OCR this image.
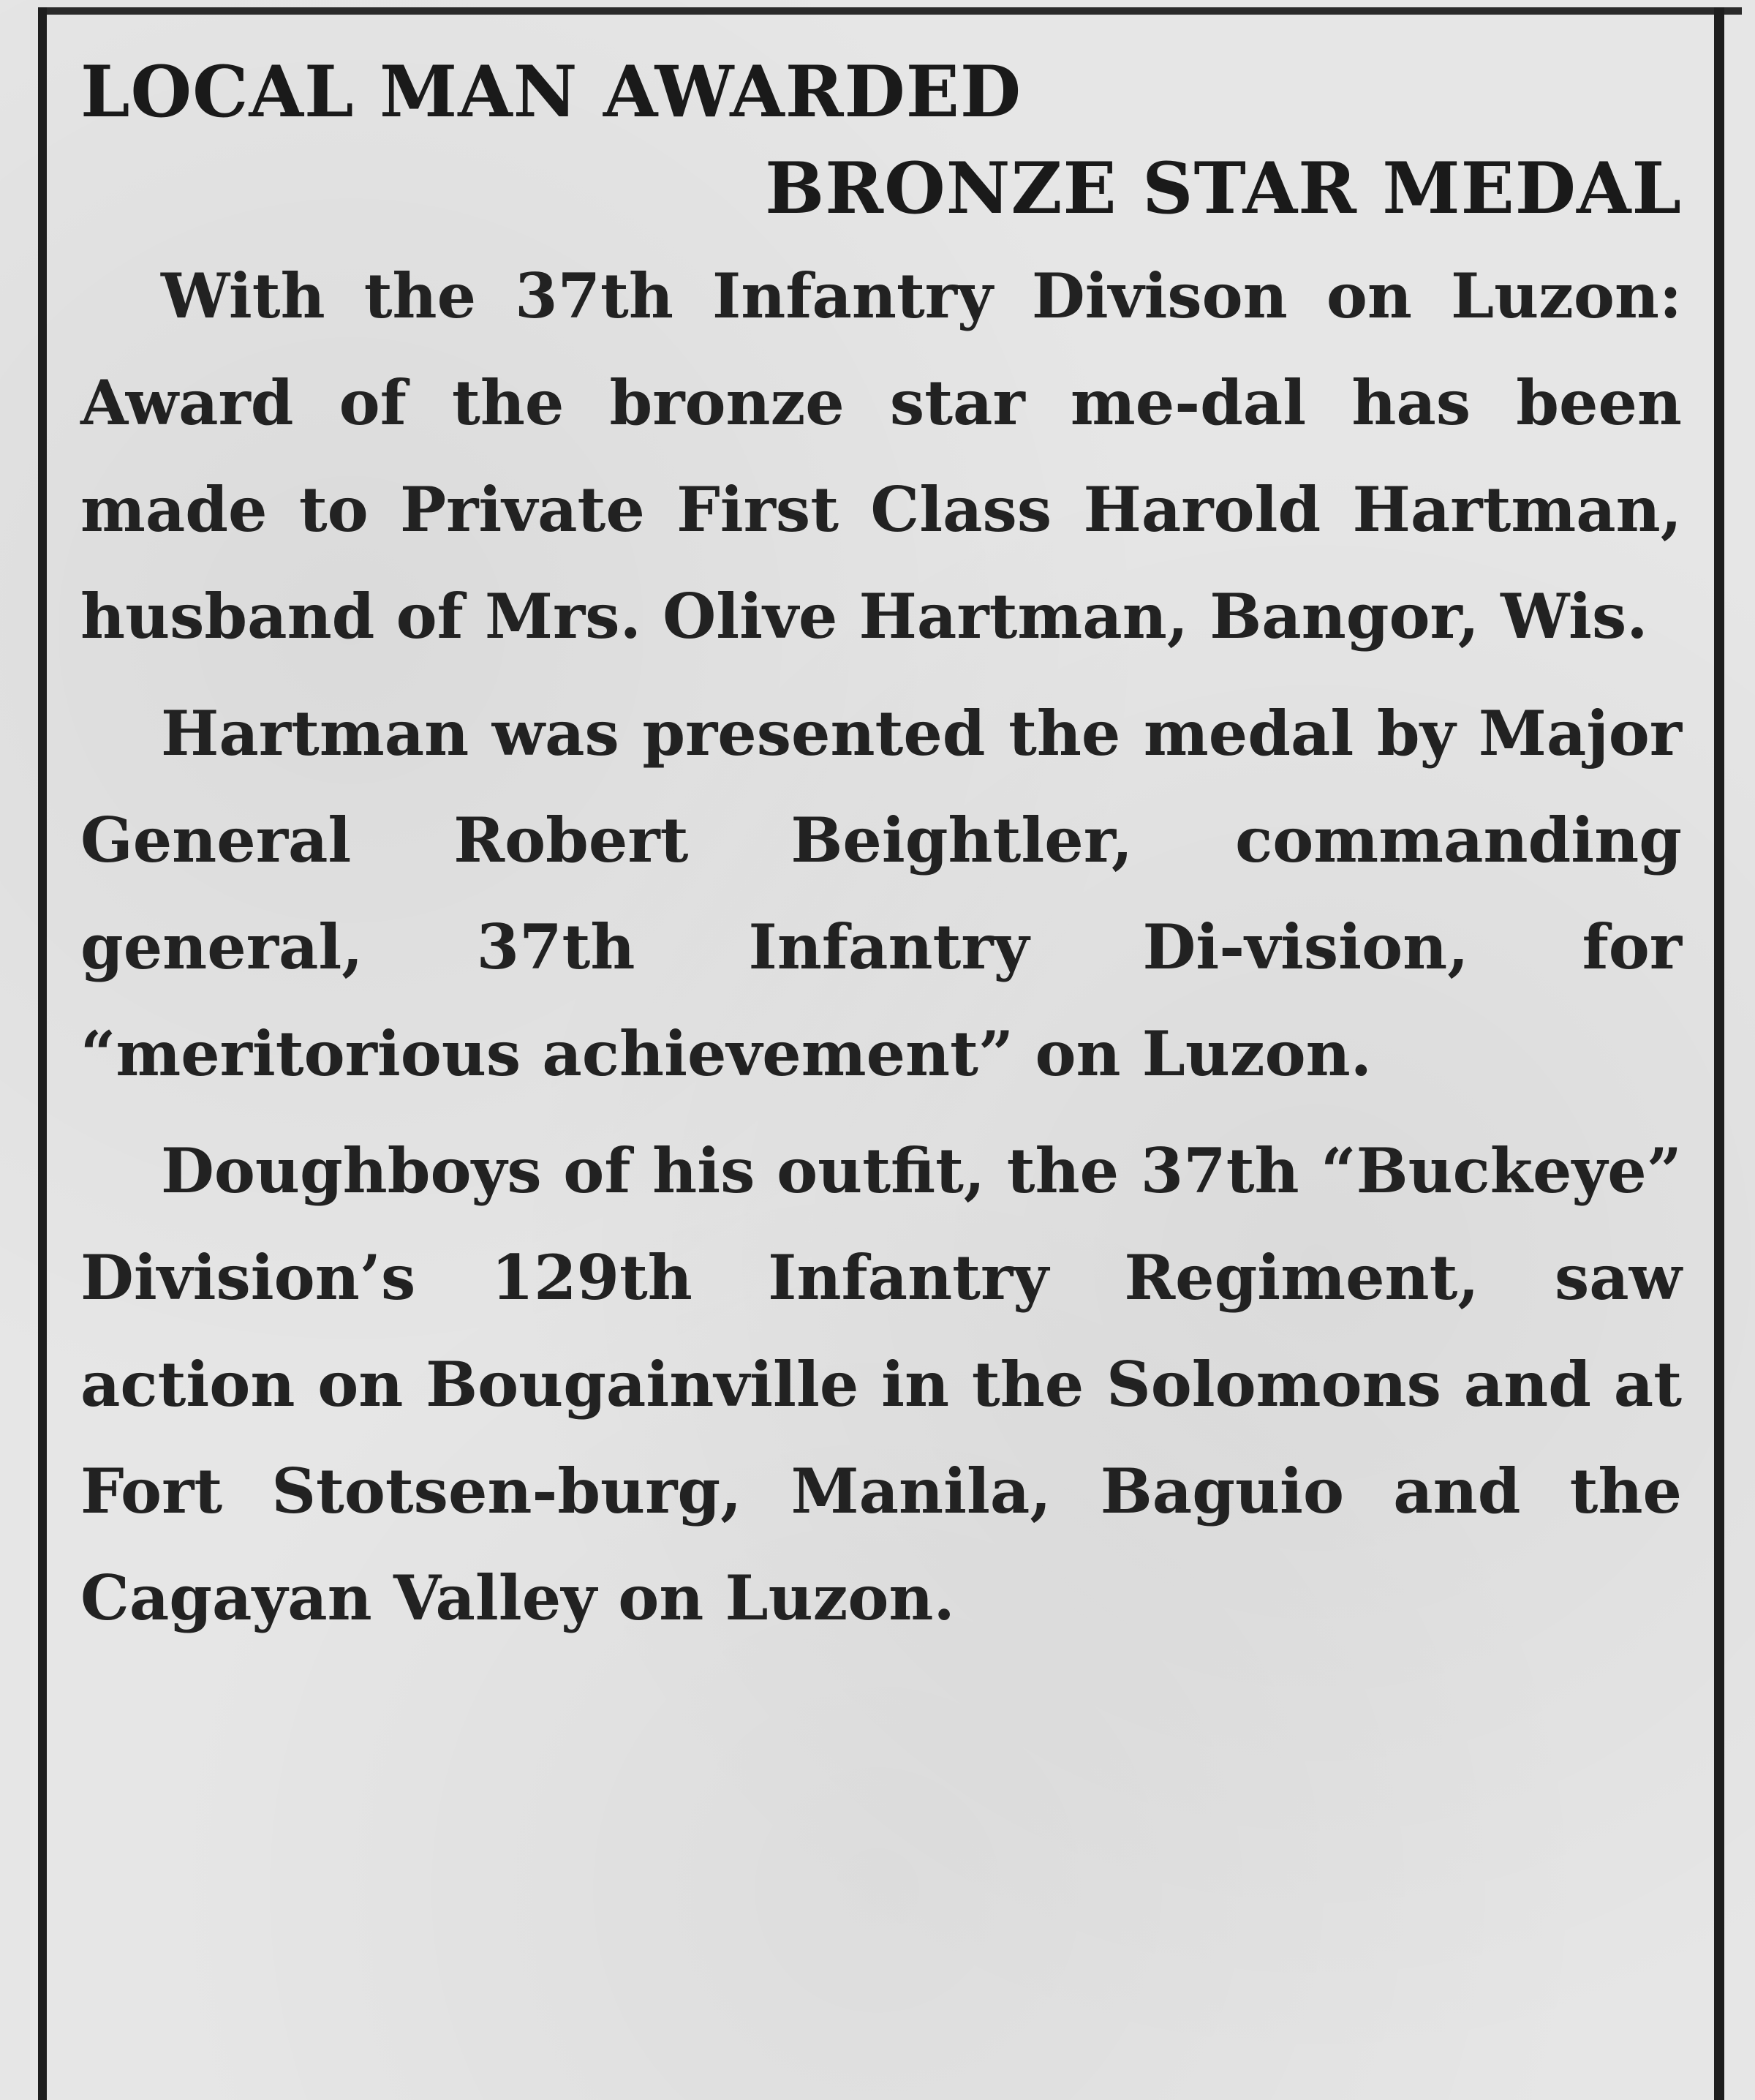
LOCAL MAN AWARDED
BRONZE STAR MEDAL

With the 37th Infantry Divison on Luzon: Award of the bronze star me-dal has been made to Private First Class Harold Hartman, husband of Mrs. Olive Hartman, Bangor, Wis.

Hartman was presented the medal by Major General Robert Beightler, commanding general, 37th Infantry Di-vision, for “meritorious achievement” on Luzon.

Doughboys of his outfit, the 37th “Buckeye” Division’s 129th Infantry Regiment, saw action on Bougainville in the Solomons and at Fort Stotsen-burg, Manila, Baguio and the Cagayan Valley on Luzon.
